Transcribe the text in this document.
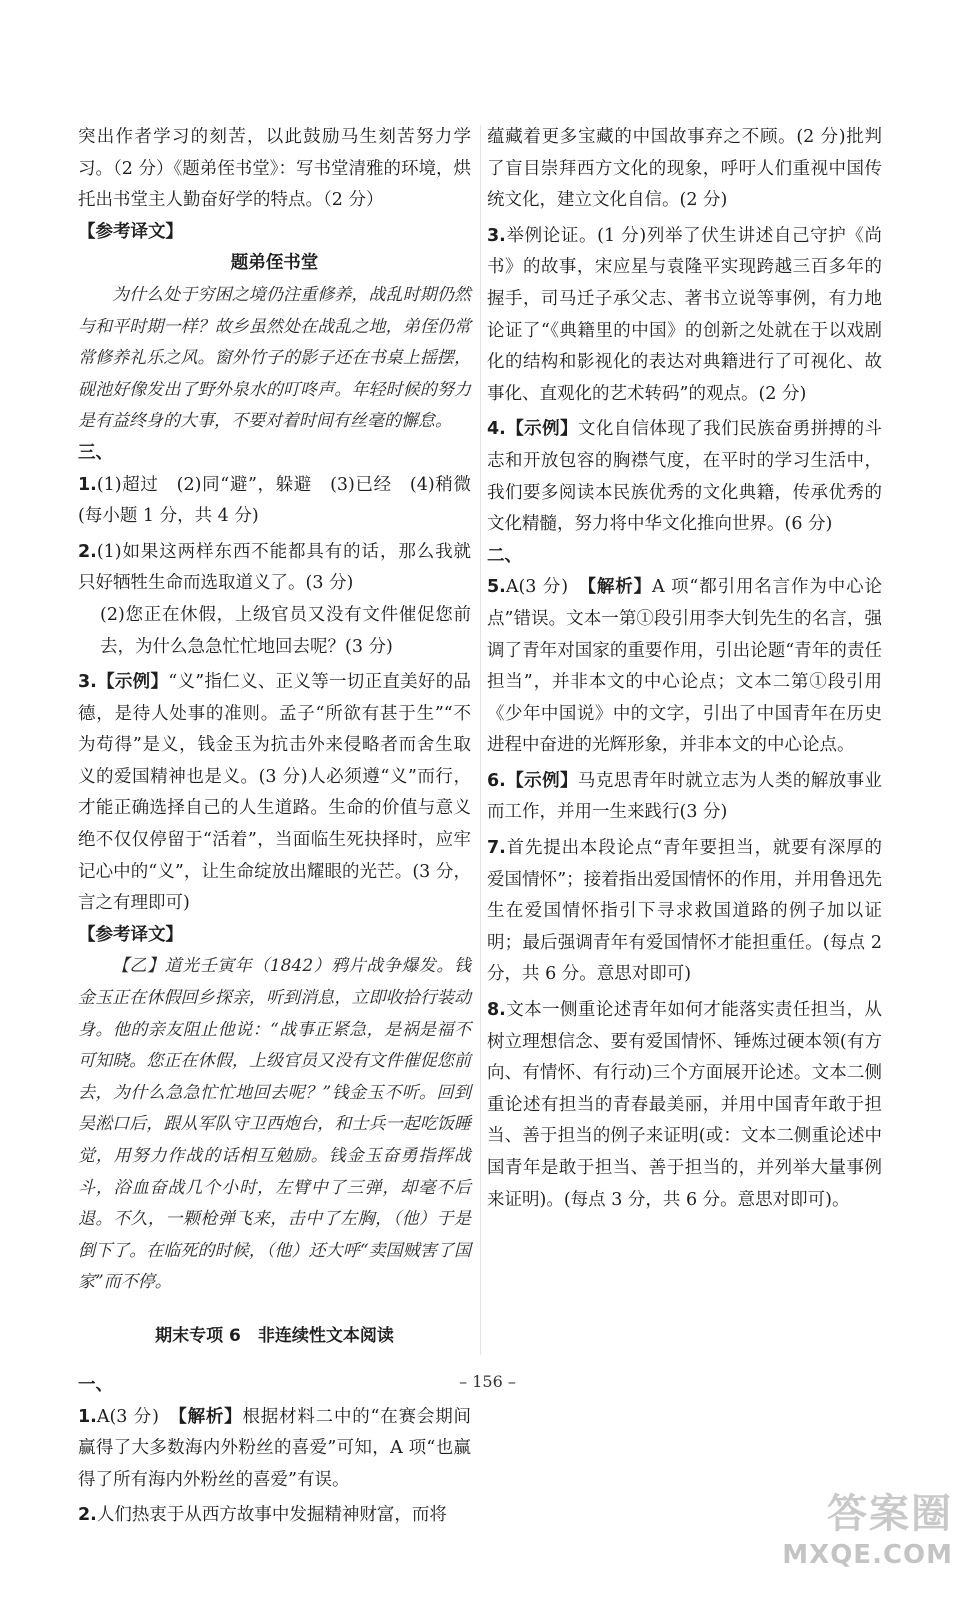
突出作者学习的刻苦，以此鼓励马生刻苦努力学习。（2 分）《题弟侄书堂》：写书堂清雅的环境，烘托出书堂主人勤奋好学的特点。（2 分）

【参考译文】

题弟侄书堂

为什么处于穷困之境仍注重修养，战乱时期仍然与和平时期一样？故乡虽然处在战乱之地，弟侄仍常常修养礼乐之风。窗外竹子的影子还在书桌上摇摆，砚池好像发出了野外泉水的叮咚声。年轻时候的努力是有益终身的大事，不要对着时间有丝毫的懈怠。

三、

1.(1)超过　(2)同“避”，躲避　(3)已经　(4)稍微(每小题 1 分，共 4 分)

2.(1)如果这两样东西不能都具有的话，那么我就只好牺牲生命而选取道义了。(3 分)

(2)您正在休假，上级官员又没有文件催促您前去，为什么急急忙忙地回去呢？(3 分)

3.【示例】“义”指仁义、正义等一切正直美好的品德，是待人处事的准则。孟子“所欲有甚于生”“不为苟得”是义，钱金玉为抗击外来侵略者而舍生取义的爱国精神也是义。(3 分)人必须遵“义”而行，才能正确选择自己的人生道路。生命的价值与意义绝不仅仅停留于“活着”，当面临生死抉择时，应牢记心中的“义”，让生命绽放出耀眼的光芒。(3 分，言之有理即可)

【参考译文】

【乙】道光壬寅年（1842）鸦片战争爆发。钱金玉正在休假回乡探亲，听到消息，立即收拾行装动身。他的亲友阻止他说：“战事正紧急，是祸是福不可知晓。您正在休假，上级官员又没有文件催促您前去，为什么急急忙忙地回去呢？”钱金玉不听。回到吴淞口后，跟从军队守卫西炮台，和士兵一起吃饭睡觉，用努力作战的话相互勉励。钱金玉奋勇指挥战斗，浴血奋战几个小时，左臂中了三弹，却毫不后退。不久，一颗枪弹飞来，击中了左胸，（他）于是倒下了。在临死的时候，（他）还大呼“卖国贼害了国家”而不停。

期末专项 6　非连续性文本阅读

一、

1.A(3 分)　【解析】根据材料二中的“在赛会期间赢得了大多数海内外粉丝的喜爱”可知，A 项“也赢得了所有海内外粉丝的喜爱”有误。

2.人们热衷于从西方故事中发掘精神财富，而将

蕴藏着更多宝藏的中国故事弃之不顾。(2 分)批判了盲目崇拜西方文化的现象，呼吁人们重视中国传统文化，建立文化自信。(2 分)

3.举例论证。(1 分)列举了伏生讲述自己守护《尚书》的故事，宋应星与袁隆平实现跨越三百多年的握手，司马迁子承父志、著书立说等事例，有力地论证了“《典籍里的中国》的创新之处就在于以戏剧化的结构和影视化的表达对典籍进行了可视化、故事化、直观化的艺术转码”的观点。(2 分)

4.【示例】文化自信体现了我们民族奋勇拼搏的斗志和开放包容的胸襟气度，在平时的学习生活中，我们要多阅读本民族优秀的文化典籍，传承优秀的文化精髓，努力将中华文化推向世界。(6 分)

二、

5.A(3 分)　【解析】A 项“都引用名言作为中心论点”错误。文本一第①段引用李大钊先生的名言，强调了青年对国家的重要作用，引出论题“青年的责任担当”，并非本文的中心论点；文本二第①段引用《少年中国说》中的文字，引出了中国青年在历史进程中奋进的光辉形象，并非本文的中心论点。

6.【示例】马克思青年时就立志为人类的解放事业而工作，并用一生来践行(3 分)

7.首先提出本段论点“青年要担当，就要有深厚的爱国情怀”；接着指出爱国情怀的作用，并用鲁迅先生在爱国情怀指引下寻求救国道路的例子加以证明；最后强调青年有爱国情怀才能担重任。(每点 2 分，共 6 分。意思对即可)

8.文本一侧重论述青年如何才能落实责任担当，从树立理想信念、要有爱国情怀、锤炼过硬本领(有方向、有情怀、有行动)三个方面展开论述。文本二侧重论述有担当的青春最美丽，并用中国青年敢于担当、善于担当的例子来证明(或：文本二侧重论述中国青年是敢于担当、善于担当的，并列举大量事例来证明)。(每点 3 分，共 6 分。意思对即可)。

– 156 –
答案圈
MXQE.COM
